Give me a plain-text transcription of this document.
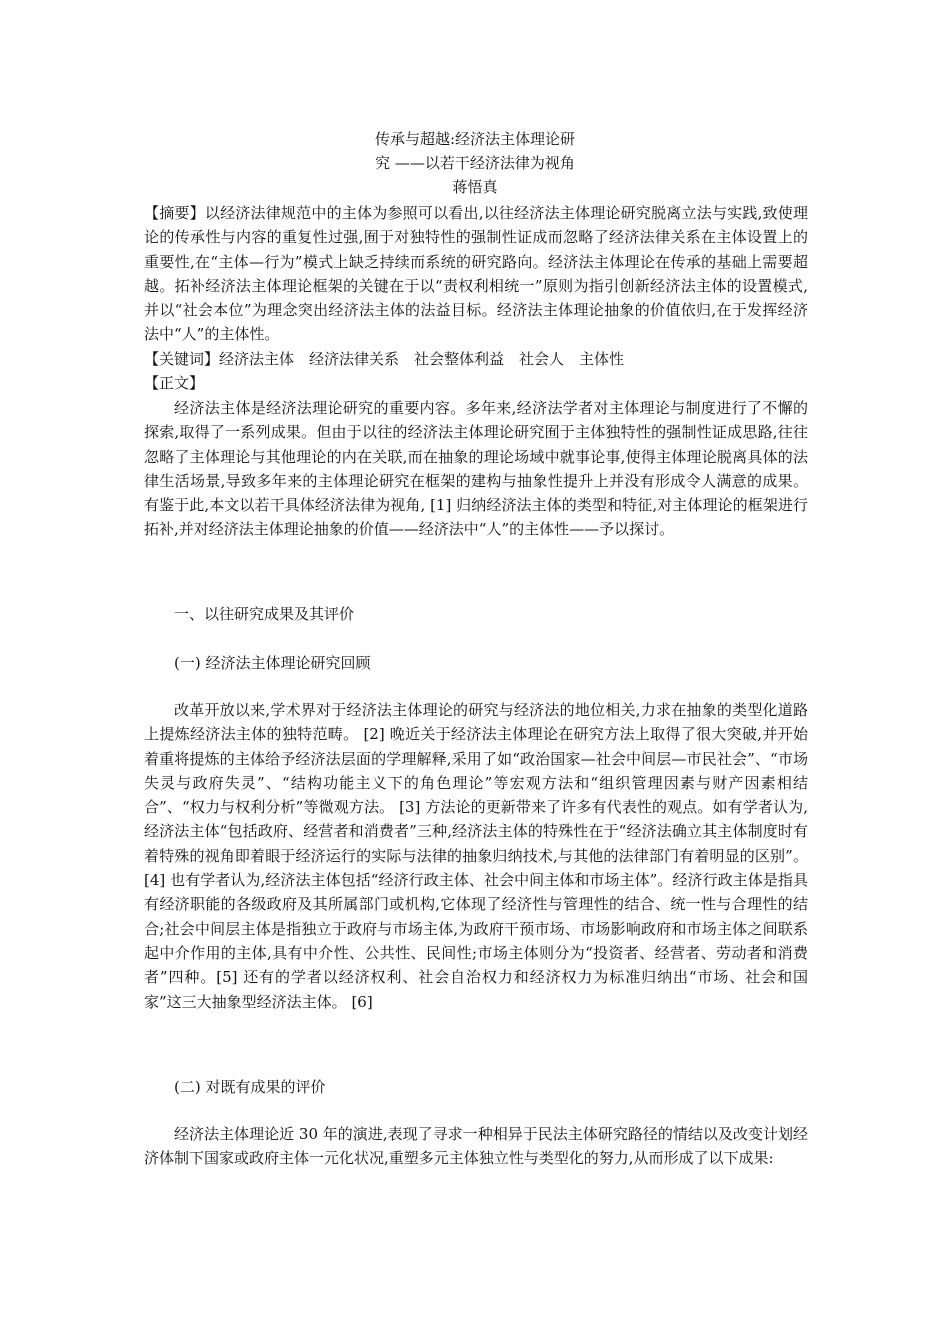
传承与超越:经济法主体理论研
究 ——以若干经济法律为视角
蒋悟真
【摘要】以经济法律规范中的主体为参照可以看出,以往经济法主体理论研究脱离立法与实践,致使理论的传承性与内容的重复性过强,囿于对独特性的强制性证成而忽略了经济法律关系在主体设置上的重要性,在“主体—行为”模式上缺乏持续而系统的研究路向。经济法主体理论在传承的基础上需要超越。拓补经济法主体理论框架的关键在于以“责权利相统一”原则为指引创新经济法主体的设置模式,并以“社会本位”为理念突出经济法主体的法益目标。经济法主体理论抽象的价值依归,在于发挥经济法中“人”的主体性。
【关键词】经济法主体　经济法律关系　社会整体利益　社会人　主体性
【正文】
经济法主体是经济法理论研究的重要内容。多年来,经济法学者对主体理论与制度进行了不懈的探索,取得了一系列成果。但由于以往的经济法主体理论研究囿于主体独特性的强制性证成思路,往往忽略了主体理论与其他理论的内在关联,而在抽象的理论场域中就事论事,使得主体理论脱离具体的法律生活场景,导致多年来的主体理论研究在框架的建构与抽象性提升上并没有形成令人满意的成果。有鉴于此,本文以若干具体经济法律为视角, [1] 归纳经济法主体的类型和特征,对主体理论的框架进行拓补,并对经济法主体理论抽象的价值——经济法中“人”的主体性——予以探讨。
一、以往研究成果及其评价
(一) 经济法主体理论研究回顾
改革开放以来,学术界对于经济法主体理论的研究与经济法的地位相关,力求在抽象的类型化道路上提炼经济法主体的独特范畴。 [2] 晚近关于经济法主体理论在研究方法上取得了很大突破,并开始着重将提炼的主体给予经济法层面的学理解释,采用了如“政治国家—社会中间层—市民社会”、“市场失灵与政府失灵”、“结构功能主义下的角色理论”等宏观方法和“组织管理因素与财产因素相结合”、“权力与权利分析”等微观方法。 [3] 方法论的更新带来了许多有代表性的观点。如有学者认为,经济法主体“包括政府、经营者和消费者”三种,经济法主体的特殊性在于“经济法确立其主体制度时有着特殊的视角即着眼于经济运行的实际与法律的抽象归纳技术,与其他的法律部门有着明显的区别”。 [4] 也有学者认为,经济法主体包括“经济行政主体、社会中间主体和市场主体”。经济行政主体是指具有经济职能的各级政府及其所属部门或机构,它体现了经济性与管理性的结合、统一性与合理性的结合;社会中间层主体是指独立于政府与市场主体,为政府干预市场、市场影响政府和市场主体之间联系起中介作用的主体,具有中介性、公共性、民间性;市场主体则分为“投资者、经营者、劳动者和消费者”四种。[5] 还有的学者以经济权利、社会自治权力和经济权力为标准归纳出“市场、社会和国家”这三大抽象型经济法主体。 [6]
(二) 对既有成果的评价
经济法主体理论近 30 年的演进,表现了寻求一种相异于民法主体研究路径的情结以及改变计划经济体制下国家或政府主体一元化状况,重塑多元主体独立性与类型化的努力,从而形成了以下成果:
